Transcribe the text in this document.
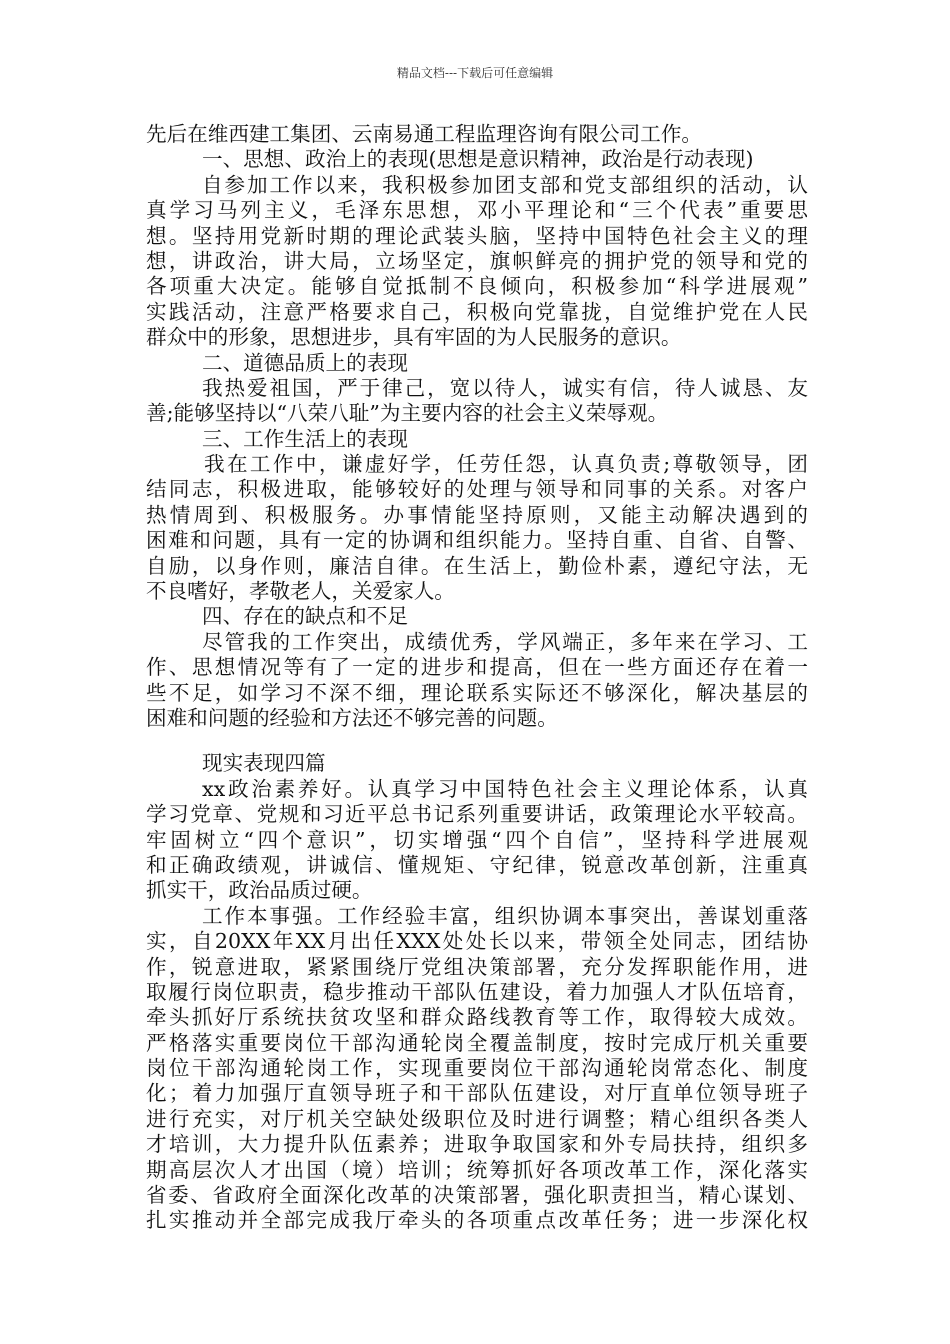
精品文档---下载后可任意编辑
先后在维西建工集团、云南易通工程监理咨询有限公司工作。
一、思想、政治上的表现(思想是意识精神，政治是行动表现)
自参加工作以来，我积极参加团支部和党支部组织的活动，认
真学习马列主义，毛泽东思想，邓小平理论和“三个代表”重要思
想。坚持用党新时期的理论武装头脑，坚持中国特色社会主义的理
想，讲政治，讲大局，立场坚定，旗帜鲜亮的拥护党的领导和党的
各项重大决定。能够自觉抵制不良倾向，积极参加“科学进展观”
实践活动，注意严格要求自己，积极向党靠拢，自觉维护党在人民
群众中的形象，思想进步，具有牢固的为人民服务的意识。
二、道德品质上的表现
我热爱祖国，严于律己，宽以待人，诚实有信，待人诚恳、友
善;能够坚持以“八荣八耻”为主要内容的社会主义荣辱观。
三、工作生活上的表现
我在工作中，谦虚好学，任劳任怨，认真负责;尊敬领导，团
结同志，积极进取，能够较好的处理与领导和同事的关系。对客户
热情周到、积极服务。办事情能坚持原则，又能主动解决遇到的
困难和问题，具有一定的协调和组织能力。坚持自重、自省、自警、
自励，以身作则，廉洁自律。在生活上，勤俭朴素，遵纪守法，无
不良嗜好，孝敬老人，关爱家人。
四、存在的缺点和不足
尽管我的工作突出，成绩优秀，学风端正，多年来在学习、工
作、思想情况等有了一定的进步和提高，但在一些方面还存在着一
些不足，如学习不深不细，理论联系实际还不够深化，解决基层的
困难和问题的经验和方法还不够完善的问题。
现实表现四篇
xx政治素养好。认真学习中国特色社会主义理论体系，认真
学习党章、党规和习近平总书记系列重要讲话，政策理论水平较高。
牢固树立“四个意识”，切实增强“四个自信”，坚持科学进展观
和正确政绩观，讲诚信、懂规矩、守纪律，锐意改革创新，注重真
抓实干，政治品质过硬。
工作本事强。工作经验丰富，组织协调本事突出，善谋划重落
实，自20XX年XX月出任XXX处处长以来，带领全处同志，团结协
作，锐意进取，紧紧围绕厅党组决策部署，充分发挥职能作用，进
取履行岗位职责，稳步推动干部队伍建设，着力加强人才队伍培育，
牵头抓好厅系统扶贫攻坚和群众路线教育等工作，取得较大成效。
严格落实重要岗位干部沟通轮岗全覆盖制度，按时完成厅机关重要
岗位干部沟通轮岗工作，实现重要岗位干部沟通轮岗常态化、制度
化；着力加强厅直领导班子和干部队伍建设，对厅直单位领导班子
进行充实，对厅机关空缺处级职位及时进行调整；精心组织各类人
才培训，大力提升队伍素养；进取争取国家和外专局扶持，组织多
期高层次人才出国（境）培训；统筹抓好各项改革工作，深化落实
省委、省政府全面深化改革的决策部署，强化职责担当，精心谋划、
扎实推动并全部完成我厅牵头的各项重点改革任务；进一步深化权
